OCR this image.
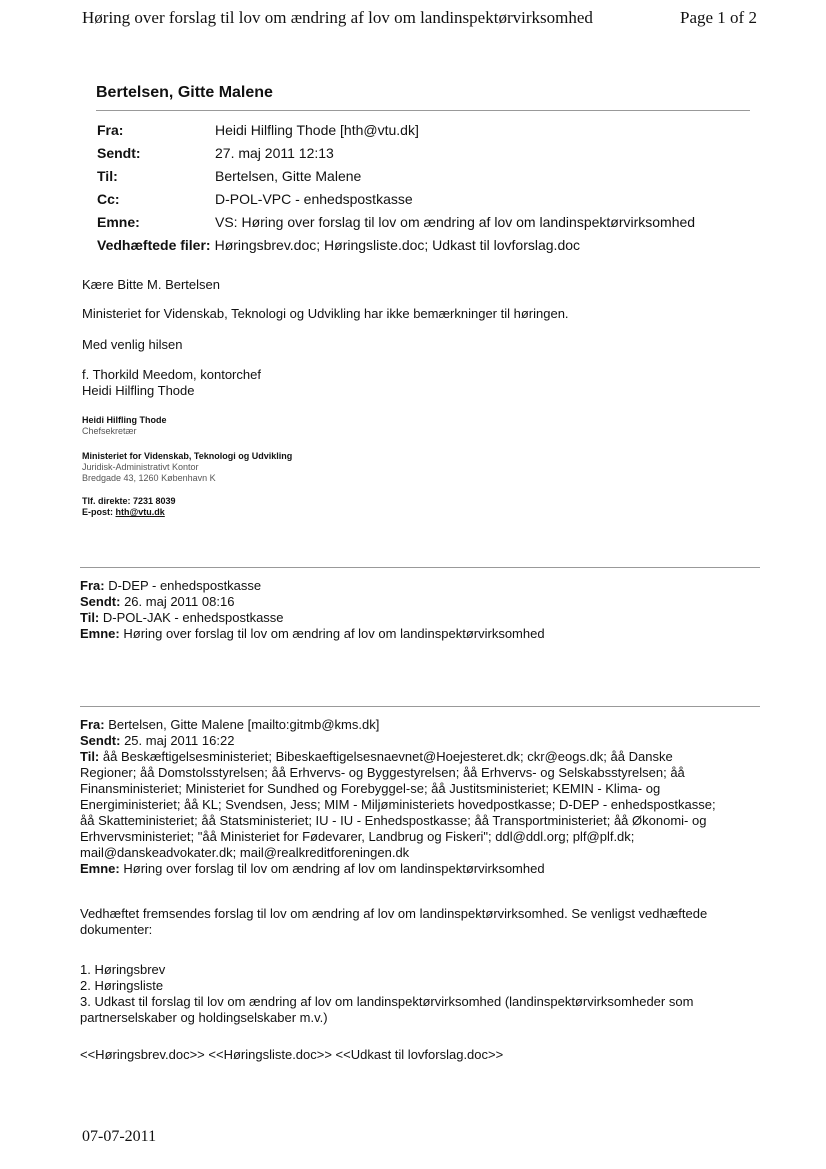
Høring over forslag til lov om ændring af lov om landinspektørvirksomhed	Page 1 of 2
Bertelsen, Gitte Malene
Fra:	Heidi Hilfling Thode [hth@vtu.dk]
Sendt:	27. maj 2011 12:13
Til:	Bertelsen, Gitte Malene
Cc:	D-POL-VPC - enhedspostkasse
Emne:	VS: Høring over forslag til lov om ændring af lov om landinspektørvirksomhed
Vedhæftede filer: Høringsbrev.doc; Høringsliste.doc; Udkast til lovforslag.doc
Kære Bitte M. Bertelsen
Ministeriet for Videnskab, Teknologi og Udvikling har ikke bemærkninger til høringen.
Med venlig hilsen
f. Thorkild Meedom, kontorchef
Heidi Hilfling Thode
Heidi Hilfling Thode
Chefsekretær
Ministeriet for Videnskab, Teknologi og Udvikling
Juridisk-Administrativt Kontor
Bredgade 43, 1260 København K
Tlf. direkte: 7231 8039
E-post: hth@vtu.dk
Fra: D-DEP - enhedspostkasse
Sendt: 26. maj 2011 08:16
Til: D-POL-JAK - enhedspostkasse
Emne: Høring over forslag til lov om ændring af lov om landinspektørvirksomhed
Fra: Bertelsen, Gitte Malene [mailto:gitmb@kms.dk]
Sendt: 25. maj 2011 16:22
Til: åå Beskæftigelsesministeriet; Bibeskaeftigelsesnaevnet@Hoejesteret.dk; ckr@eogs.dk; åå Danske
Regioner; åå Domstolsstyrelsen; åå Erhvervs- og Byggestyrelsen; åå Erhvervs- og Selskabsstyrelsen; åå
Finansministeriet; Ministeriet for Sundhed og Forebyggel-se; åå Justitsministeriet; KEMIN - Klima- og
Energiministeriet; åå KL; Svendsen, Jess; MIM - Miljøministeriets hovedpostkasse; D-DEP - enhedspostkasse;
åå Skatteministeriet; åå Statsministeriet; IU - IU - Enhedspostkasse; åå Transportministeriet; åå Økonomi- og
Erhvervsministeriet; "åå Ministeriet for Fødevarer, Landbrug og Fiskeri"; ddl@ddl.org; plf@plf.dk;
mail@danskeadvokater.dk; mail@realkreditforeningen.dk
Emne: Høring over forslag til lov om ændring af lov om landinspektørvirksomhed
Vedhæftet fremsendes forslag til lov om ændring af lov om landinspektørvirksomhed. Se venligst vedhæftede
dokumenter:
1. Høringsbrev
2. Høringsliste
3. Udkast til forslag til lov om ændring af lov om landinspektørvirksomhed (landinspektørvirksomheder som
partnerselskaber og holdingselskaber m.v.)
<<Høringsbrev.doc>> <<Høringsliste.doc>> <<Udkast til lovforslag.doc>>
07-07-2011
